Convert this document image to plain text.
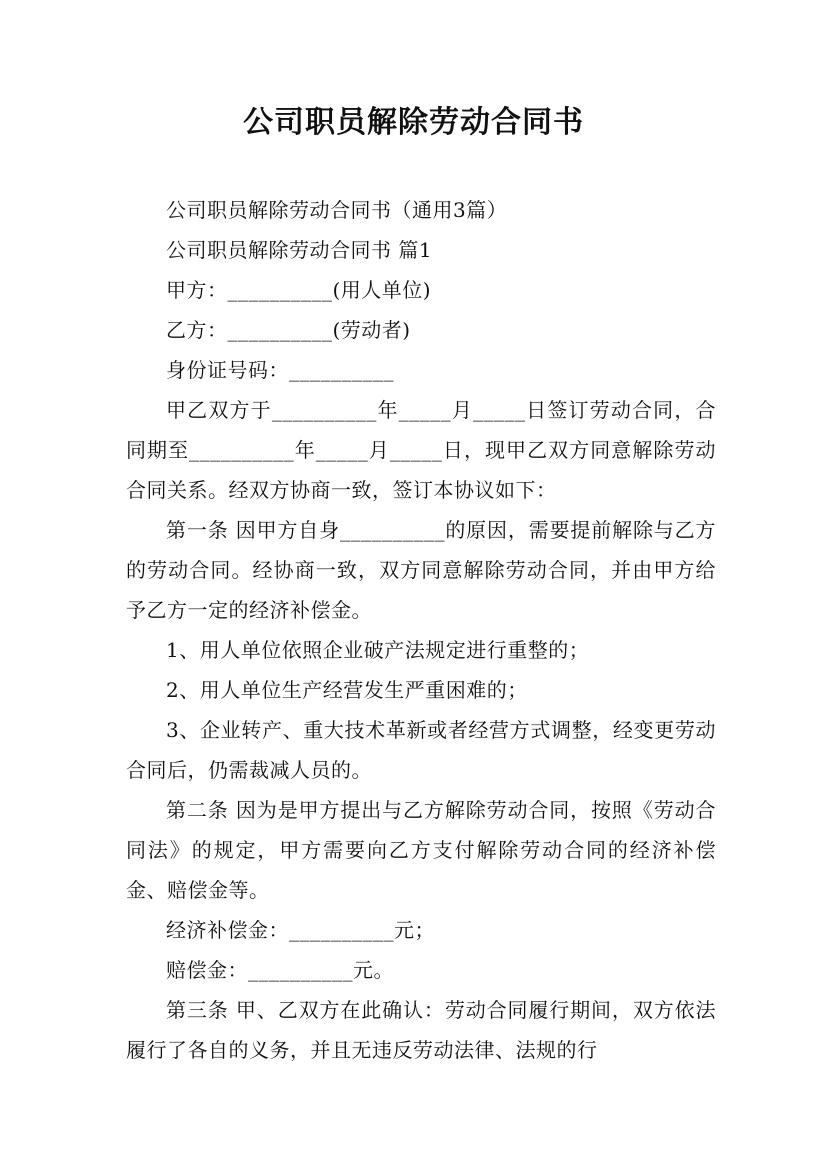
公司职员解除劳动合同书

公司职员解除劳动合同书（通用3篇）

公司职员解除劳动合同书 篇1

甲方：__________(用人单位)

乙方：__________(劳动者)

身份证号码：__________

甲乙双方于__________年_____月_____日签订劳动合同，合同期至__________年_____月_____日，现甲乙双方同意解除劳动合同关系。经双方协商一致，签订本协议如下：

第一条 因甲方自身__________的原因，需要提前解除与乙方的劳动合同。经协商一致，双方同意解除劳动合同，并由甲方给予乙方一定的经济补偿金。

1、用人单位依照企业破产法规定进行重整的；

2、用人单位生产经营发生严重困难的；

3、企业转产、重大技术革新或者经营方式调整，经变更劳动合同后，仍需裁减人员的。

第二条 因为是甲方提出与乙方解除劳动合同，按照《劳动合同法》的规定，甲方需要向乙方支付解除劳动合同的经济补偿金、赔偿金等。

经济补偿金：__________元；

赔偿金：__________元。

第三条 甲、乙双方在此确认：劳动合同履行期间，双方依法履行了各自的义务，并且无违反劳动法律、法规的行
